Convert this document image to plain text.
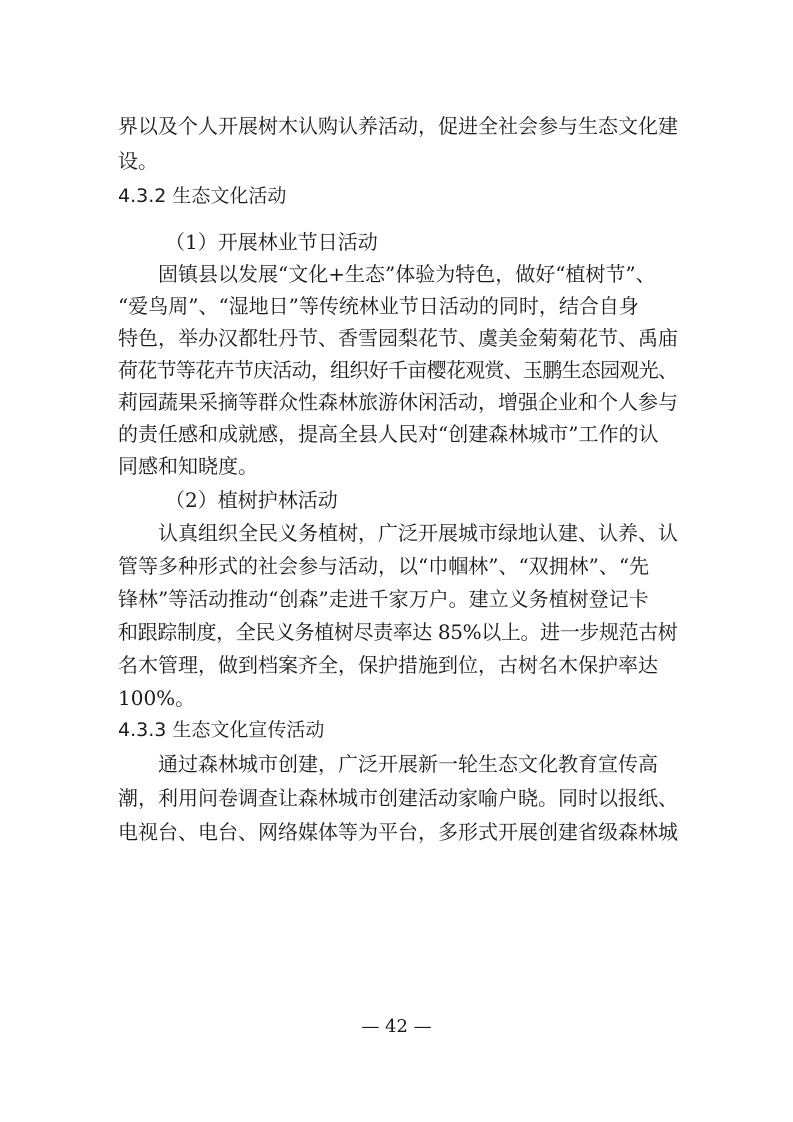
界以及个人开展树木认购认养活动，促进全社会参与生态文化建
设。
4.3.2 生态文化活动
（1）开展林业节日活动
固镇县以发展“文化+生态”体验为特色，做好“植树节”、
“爱鸟周”、“湿地日”等传统林业节日活动的同时，结合自身
特色，举办汉都牡丹节、香雪园梨花节、虞美金菊菊花节、禹庙
荷花节等花卉节庆活动，组织好千亩樱花观赏、玉鹏生态园观光、
莉园蔬果采摘等群众性森林旅游休闲活动，增强企业和个人参与
的责任感和成就感，提高全县人民对“创建森林城市”工作的认
同感和知晓度。
（2）植树护林活动
认真组织全民义务植树，广泛开展城市绿地认建、认养、认
管等多种形式的社会参与活动，以“巾帼林”、“双拥林”、“先
锋林”等活动推动“创森”走进千家万户。建立义务植树登记卡
和跟踪制度，全民义务植树尽责率达 85%以上。进一步规范古树
名木管理，做到档案齐全，保护措施到位，古树名木保护率达
100%。
4.3.3 生态文化宣传活动
通过森林城市创建，广泛开展新一轮生态文化教育宣传高
潮，利用问卷调查让森林城市创建活动家喻户晓。同时以报纸、
电视台、电台、网络媒体等为平台，多形式开展创建省级森林城
— 42 —
